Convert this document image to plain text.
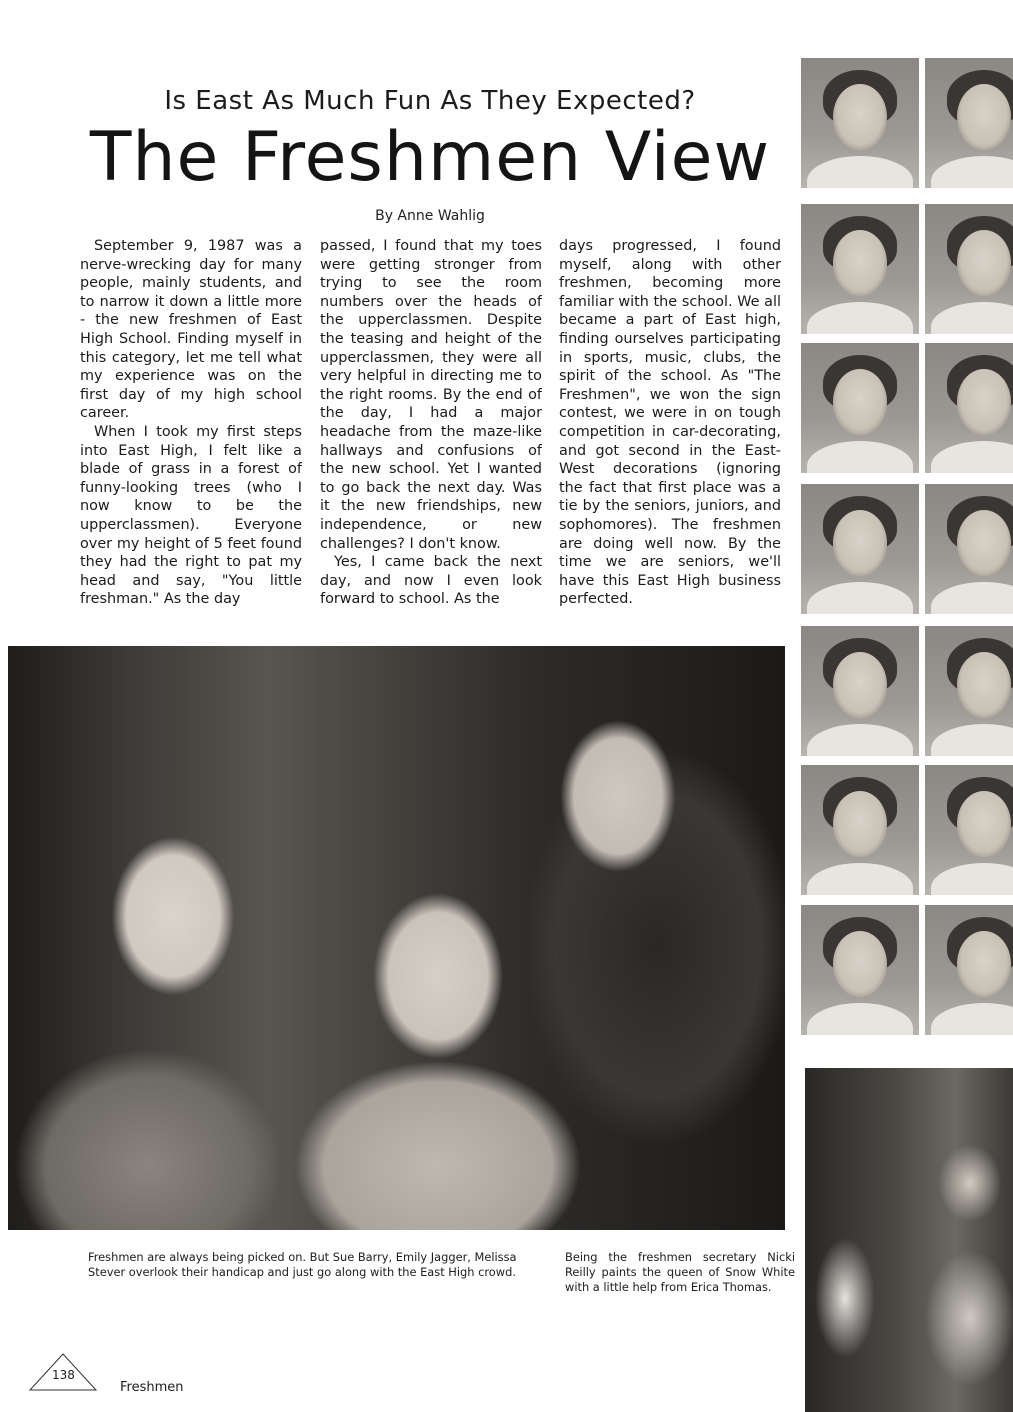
Is East As Much Fun As They Expected?
The Freshmen View
By Anne Wahlig

September 9, 1987 was a nerve-wrecking day for many people, mainly students, and to narrow it down a little more - the new freshmen of East High School. Finding myself in this category, let me tell what my experience was on the first day of my high school career.

When I took my first steps into East High, I felt like a blade of grass in a forest of funny-looking trees (who I now know to be the upperclassmen). Everyone over my height of 5 feet found they had the right to pat my head and say, "You little freshman." As the day

passed, I found that my toes were getting stronger from trying to see the room numbers over the heads of the upperclassmen. Despite the teasing and height of the upperclassmen, they were all very helpful in directing me to the right rooms. By the end of the day, I had a major headache from the maze-like hallways and confusions of the new school. Yet I wanted to go back the next day. Was it the new friendships, new independence, or new challenges? I don't know.

Yes, I came back the next day, and now I even look forward to school. As the

days progressed, I found myself, along with other freshmen, becoming more familiar with the school. We all became a part of East high, finding ourselves participating in sports, music, clubs, the spirit of the school. As "The Freshmen", we won the sign contest, we were in on tough competition in car-decorating, and got second in the East-West decorations (ignoring the fact that first place was a tie by the seniors, juniors, and sophomores). The freshmen are doing well now. By the time we are seniors, we'll have this East High business perfected.

Freshmen are always being picked on. But Sue Barry, Emily Jagger, Melissa Stever overlook their handicap and just go along with the East High crowd.
Being the freshmen secretary Nicki Reilly paints the queen of Snow White with a little help from Erica Thomas.
138
Freshmen
